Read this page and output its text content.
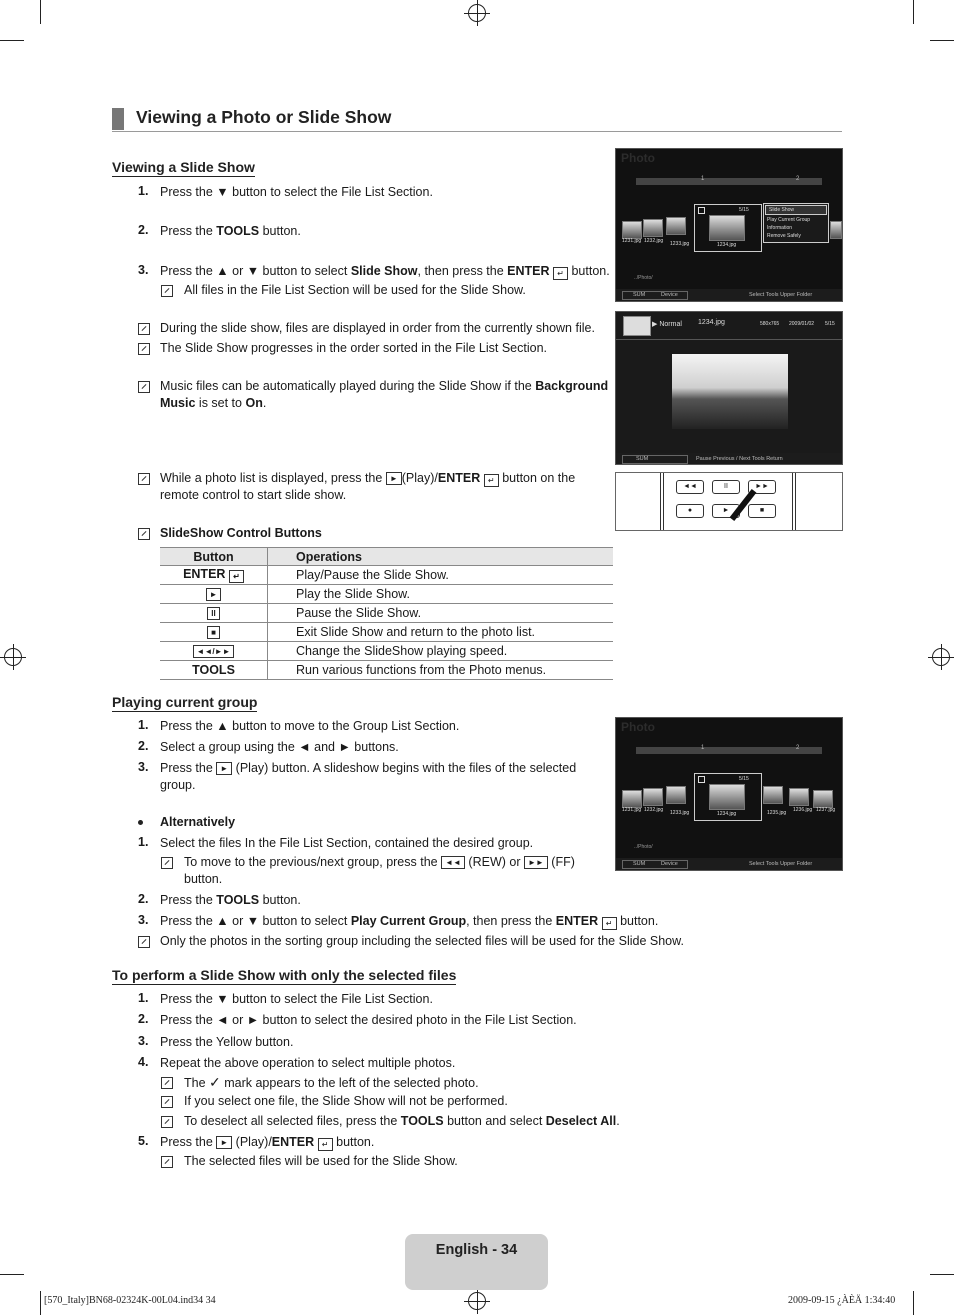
Viewing a Photo or Slide Show
Viewing a Slide Show
1. Press the ▼ button to select the File List Section.
2. Press the TOOLS button.
3. Press the ▲ or ▼ button to select Slide Show, then press the ENTER ↵ button.
All files in the File List Section will be used for the Slide Show.
During the slide show, files are displayed in order from the currently shown file.
The Slide Show progresses in the order sorted in the File List Section.
Music files can be automatically played during the Slide Show if the Background
Music is set to On.
While a photo list is displayed, press the ► (Play)/ENTER ↵ button on the
remote control to start slide show.
SlideShow Control Buttons
Button	Operations
ENTER ↵	Play/Pause the Slide Show.
►	Play the Slide Show.
II	Pause the Slide Show.
■	Exit Slide Show and return to the photo list.
◄◄/►►	Change the SlideShow playing speed.
TOOLS	Run various functions from the Photo menus.
Playing current group
1. Press the ▲ button to move to the Group List Section.
2. Select a group using the ◄ and ► buttons.
3. Press the ► (Play) button. A slideshow begins with the files of the selected
group.
Alternatively
1. Select the files In the File List Section, contained the desired group.
To move to the previous/next group, press the ◄◄ (REW) or ►► (FF)
button.
2. Press the TOOLS button.
3. Press the ▲ or ▼ button to select Play Current Group, then press the ENTER ↵ button.
Only the photos in the sorting group including the selected files will be used for the Slide Show.
To perform a Slide Show with only the selected files
1. Press the ▼ button to select the File List Section.
2. Press the ◄ or ► button to select the desired photo in the File List Section.
3. Press the Yellow button.
4. Repeat the above operation to select multiple photos.
The ✓ mark appears to the left of the selected photo.
If you select one file, the Slide Show will not be performed.
To deselect all selected files, press the TOOLS button and select Deselect All.
5. Press the ► (Play)/ENTER ↵ button.
The selected files will be used for the Slide Show.
Photo
1	2
1231.jpg 1232.jpg 1233.jpg
5/15
1234.jpg
Slide Show
Play Current Group
Information
Remove Safely
../Photo/
SUM	Device	Select Tools Upper Folder
▶ Normal 1234.jpg	580x765 2009/01/02 5/15
SUM	Pause Previous / Next Tools Return
◄◄	II	►►
●	►	■
Photo
1	2
1231.jpg 1232.jpg 1233.jpg
5/15
1234.jpg	1235.jpg 1236.jpg 1237.jpg
../Photo/
SUM	Device	Select Tools Upper Folder
English - 34
[570_Italy]BN68-02324K-00L04.ind34 34	2009-09-15 ¿ÀÈÄ 1:34:40
